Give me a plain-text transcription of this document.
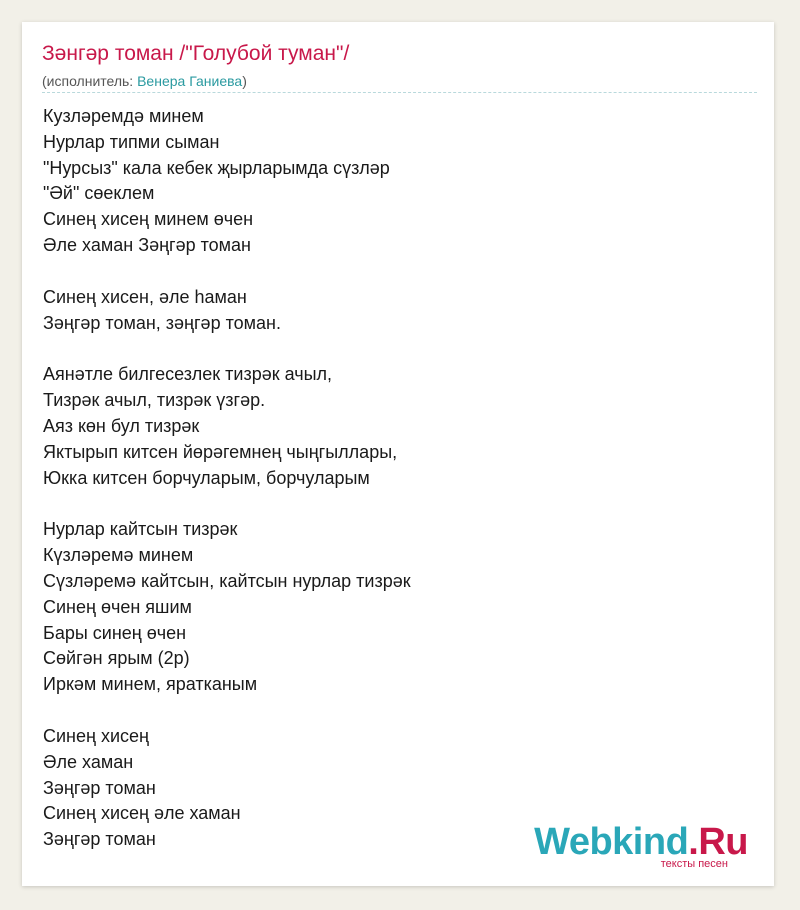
Зәнгәр томан /"Голубой туман"/
(исполнитель: Венера Ганиева)
Кузләремдә минем
Нурлар типми сыман
"Нурсыз" кала кебек җырларымда сүзләр
"Әй" сөеклем
Синең хисең минем өчен
Әле хаман Зәңгәр томан
Синең хисен, әле һаман
Зәңгәр томан, зәңгәр томан.
Аянәтле билгесезлек тизрәк ачыл,
Тизрәк ачыл, тизрәк үзгәр.
Аяз көн бул тизрәк
Яктырып китсен йөрәгемнең чыңгыллары,
Юкка китсен борчуларым, борчуларым
Нурлар кайтсын тизрәк
Күзләремә минем
Сүзләремә кайтсын, кайтсын нурлар тизрәк
Синең өчен яшим
Бары синең өчен
Сөйгән ярым (2р)
Иркәм минем, яратканым
Синең хисең
Әле хаман
Зәңгәр томан
Синең хисең әле хаман
Зәңгәр томан	Webkind.Ru
тексты песен
